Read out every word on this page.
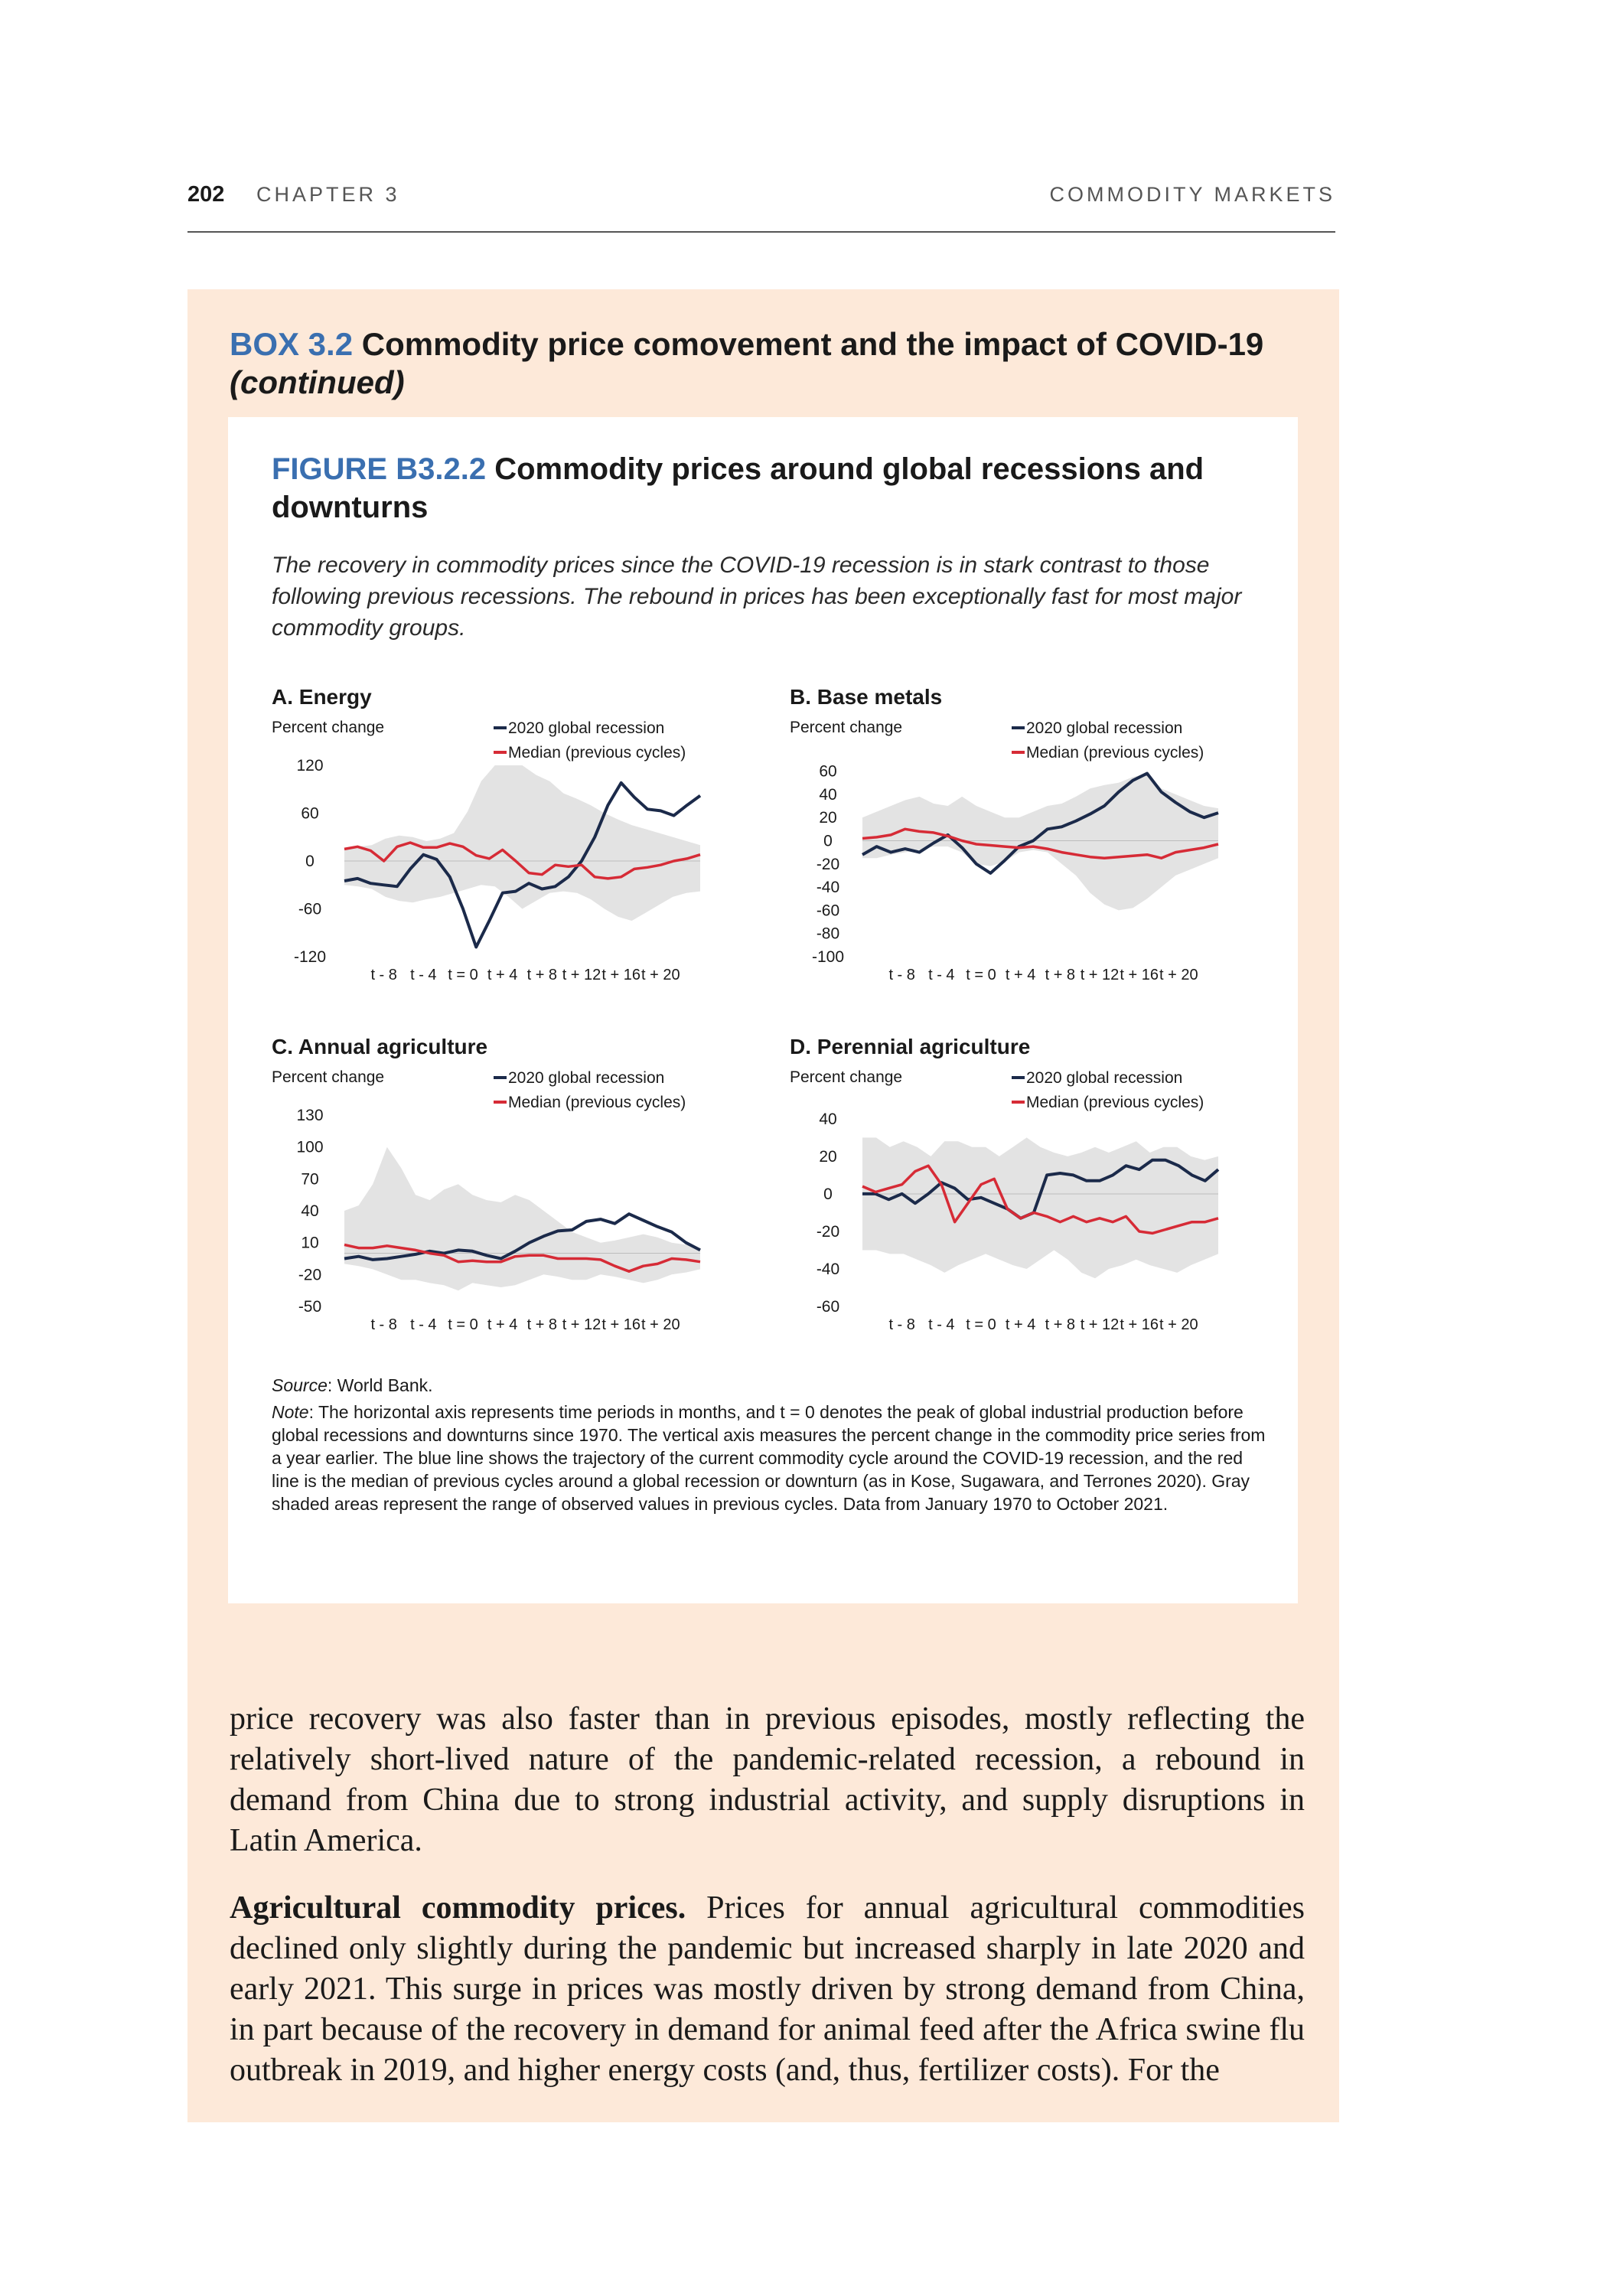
202 CHAPTER 3	COMMODITY MARKETS
BOX 3.2 Commodity price comovement and the impact of COVID-19
(continued)
FIGURE B3.2.2 Commodity prices around global recessions and downturns
The recovery in commodity prices since the COVID-19 recession is in stark contrast to those following previous recessions. The rebound in prices has been exceptionally fast for most major commodity groups.
A. Energy
Percent change
120
60
0
-60
-120
t - 8 t - 4 t = 0 t + 4 t + 8 t + 12 t + 16 t + 20
2020 global recession
Median (previous cycles)
B. Base metals
Percent change
60
40
20
0
-20
-40
-60
-80
-100
t - 8 t - 4 t = 0 t + 4 t + 8 t + 12 t + 16 t + 20
2020 global recession
Median (previous cycles)
C. Annual agriculture
Percent change
130
100
70
40
10
-20
-50
t - 8 t - 4 t = 0 t + 4 t + 8 t + 12 t + 16 t + 20
2020 global recession
Median (previous cycles)
D. Perennial agriculture
Percent change
40
20
0
-20
-40
-60
t - 8 t - 4 t = 0 t + 4 t + 8 t + 12 t + 16 t + 20
2020 global recession
Median (previous cycles)
Source: World Bank.
Note: The horizontal axis represents time periods in months, and t = 0 denotes the peak of global industrial production before global recessions and downturns since 1970. The vertical axis measures the percent change in the commodity price series from a year earlier. The blue line shows the trajectory of the current commodity cycle around the COVID-19 recession, and the red line is the median of previous cycles around a global recession or downturn (as in Kose, Sugawara, and Terrones 2020). Gray shaded areas represent the range of observed values in previous cycles. Data from January 1970 to October 2021.

price recovery was also faster than in previous episodes, mostly reflecting the relatively short-lived nature of the pandemic-related recession, a rebound in demand from China due to strong industrial activity, and supply disruptions in Latin America.

Agricultural commodity prices. Prices for annual agricultural commodities declined only slightly during the pandemic but increased sharply in late 2020 and early 2021. This surge in prices was mostly driven by strong demand from China, in part because of the recovery in demand for animal feed after the Africa swine flu outbreak in 2019, and higher energy costs (and, thus, fertilizer costs). For the
